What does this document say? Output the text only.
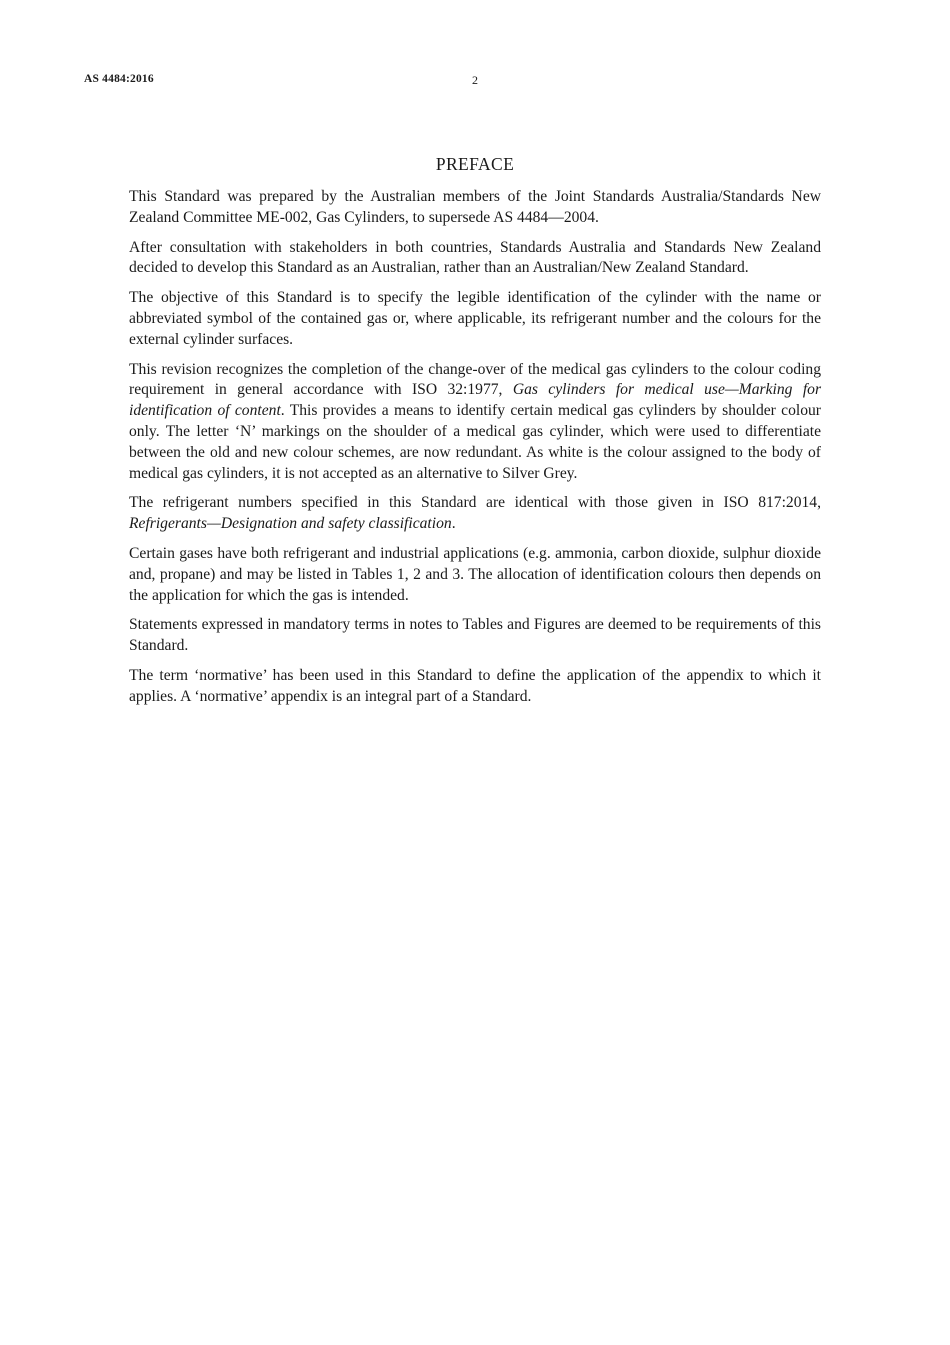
AS 4484:2016	2
PREFACE

This Standard was prepared by the Australian members of the Joint Standards Australia/Standards New Zealand Committee ME-002, Gas Cylinders, to supersede AS 4484—2004.

After consultation with stakeholders in both countries, Standards Australia and Standards New Zealand decided to develop this Standard as an Australian, rather than an Australian/New Zealand Standard.

The objective of this Standard is to specify the legible identification of the cylinder with the name or abbreviated symbol of the contained gas or, where applicable, its refrigerant number and the colours for the external cylinder surfaces.

This revision recognizes the completion of the change-over of the medical gas cylinders to the colour coding requirement in general accordance with ISO 32:1977, Gas cylinders for medical use—Marking for identification of content. This provides a means to identify certain medical gas cylinders by shoulder colour only. The letter ‘N’ markings on the shoulder of a medical gas cylinder, which were used to differentiate between the old and new colour schemes, are now redundant. As white is the colour assigned to the body of medical gas cylinders, it is not accepted as an alternative to Silver Grey.

The refrigerant numbers specified in this Standard are identical with those given in ISO 817:2014, Refrigerants—Designation and safety classification.

Certain gases have both refrigerant and industrial applications (e.g. ammonia, carbon dioxide, sulphur dioxide and, propane) and may be listed in Tables 1, 2 and 3. The allocation of identification colours then depends on the application for which the gas is intended.

Statements expressed in mandatory terms in notes to Tables and Figures are deemed to be requirements of this Standard.

The term ‘normative’ has been used in this Standard to define the application of the appendix to which it applies. A ‘normative’ appendix is an integral part of a Standard.
